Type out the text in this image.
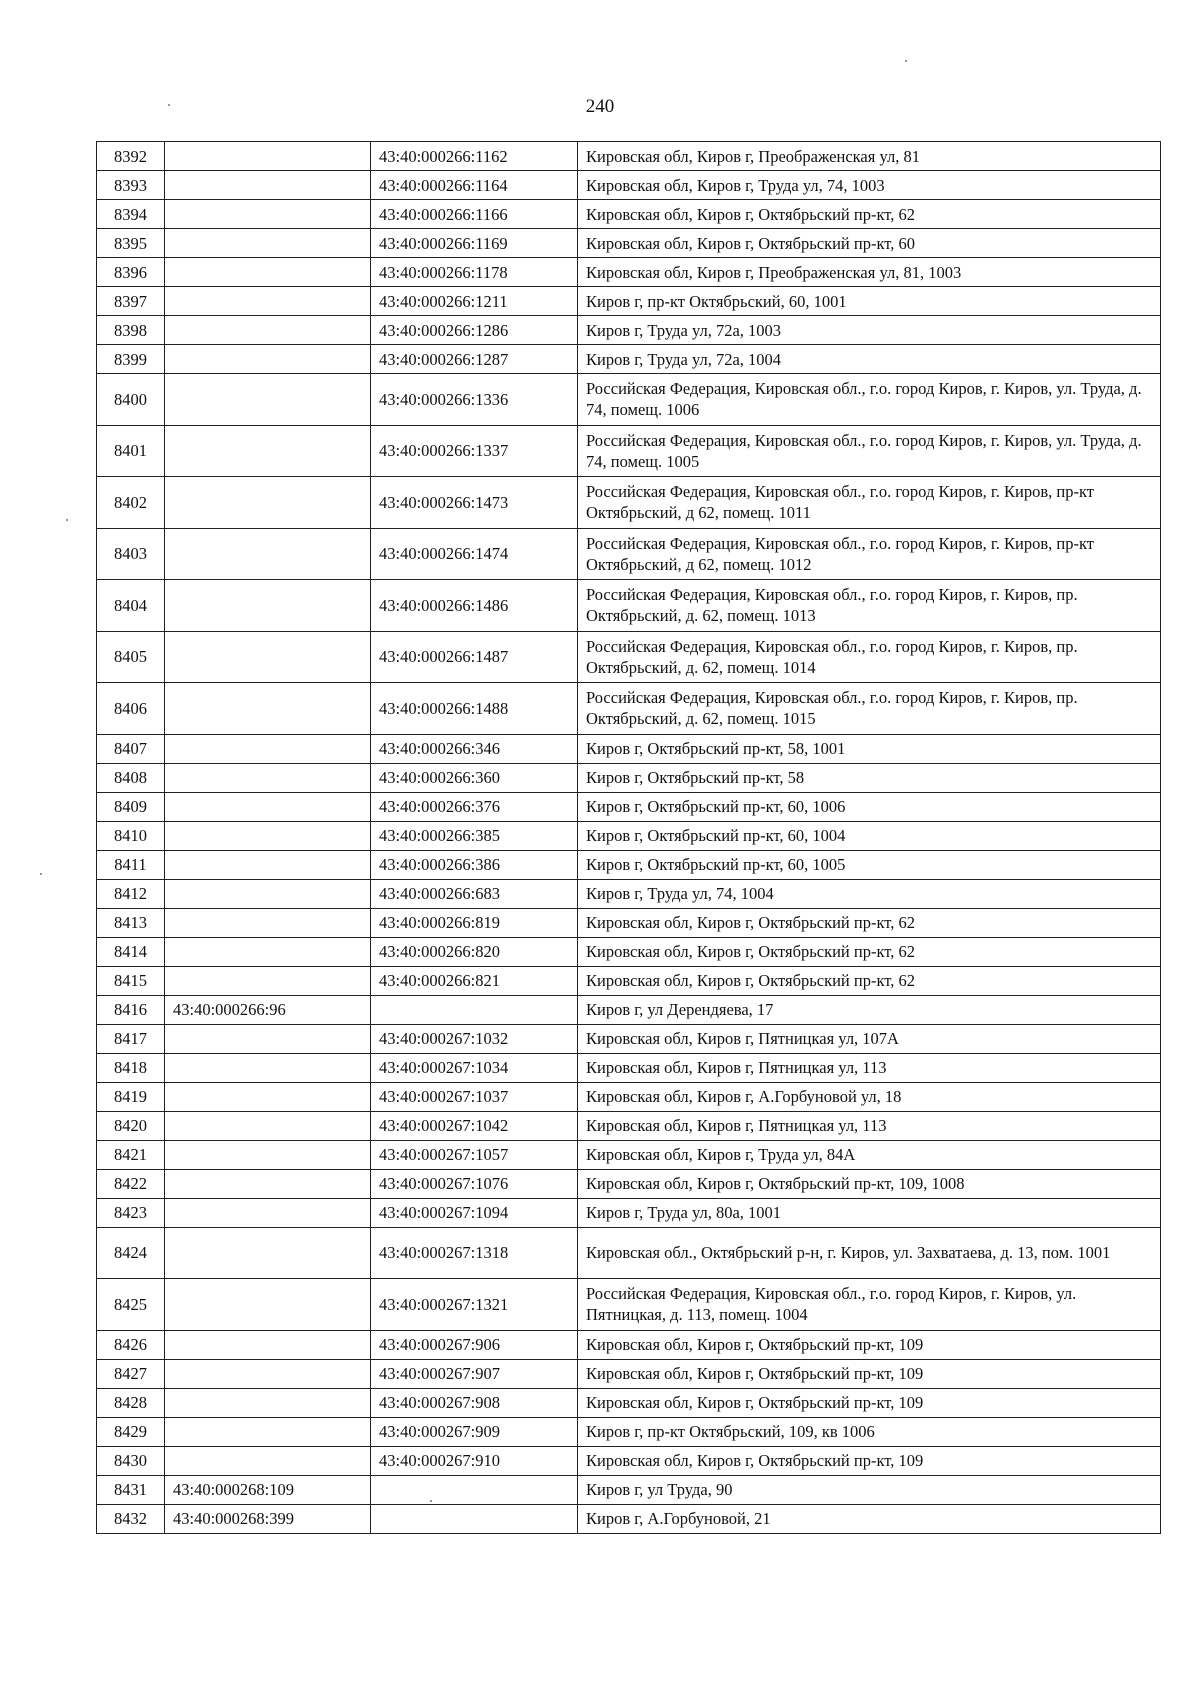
240
8392		43:40:000266:1162	Кировская обл, Киров г, Преображенская ул, 81
8393		43:40:000266:1164	Кировская обл, Киров г, Труда ул, 74, 1003
8394		43:40:000266:1166	Кировская обл, Киров г, Октябрьский пр-кт, 62
8395		43:40:000266:1169	Кировская обл, Киров г, Октябрьский пр-кт, 60
8396		43:40:000266:1178	Кировская обл, Киров г, Преображенская ул, 81, 1003
8397		43:40:000266:1211	Киров г, пр-кт Октябрьский, 60, 1001
8398		43:40:000266:1286	Киров г, Труда ул, 72а, 1003
8399		43:40:000266:1287	Киров г, Труда ул, 72а, 1004
8400		43:40:000266:1336	Российская Федерация, Кировская обл., г.о. город Киров, г. Киров, ул. Труда, д. 74, помещ. 1006
8401		43:40:000266:1337	Российская Федерация, Кировская обл., г.о. город Киров, г. Киров, ул. Труда, д. 74, помещ. 1005
8402		43:40:000266:1473	Российская Федерация, Кировская обл., г.о. город Киров, г. Киров, пр-кт Октябрьский, д 62, помещ. 1011
8403		43:40:000266:1474	Российская Федерация, Кировская обл., г.о. город Киров, г. Киров, пр-кт Октябрьский, д 62, помещ. 1012
8404		43:40:000266:1486	Российская Федерация, Кировская обл., г.о. город Киров, г. Киров, пр. Октябрьский, д. 62, помещ. 1013
8405		43:40:000266:1487	Российская Федерация, Кировская обл., г.о. город Киров, г. Киров, пр. Октябрьский, д. 62, помещ. 1014
8406		43:40:000266:1488	Российская Федерация, Кировская обл., г.о. город Киров, г. Киров, пр. Октябрьский, д. 62, помещ. 1015
8407		43:40:000266:346	Киров г, Октябрьский пр-кт, 58, 1001
8408		43:40:000266:360	Киров г, Октябрьский пр-кт, 58
8409		43:40:000266:376	Киров г, Октябрьский пр-кт, 60, 1006
8410		43:40:000266:385	Киров г, Октябрьский пр-кт, 60, 1004
8411		43:40:000266:386	Киров г, Октябрьский пр-кт, 60, 1005
8412		43:40:000266:683	Киров г, Труда ул, 74, 1004
8413		43:40:000266:819	Кировская обл, Киров г, Октябрьский пр-кт, 62
8414		43:40:000266:820	Кировская обл, Киров г, Октябрьский пр-кт, 62
8415		43:40:000266:821	Кировская обл, Киров г, Октябрьский пр-кт, 62
8416	43:40:000266:96		Киров г, ул Дерендяева, 17
8417		43:40:000267:1032	Кировская обл, Киров г, Пятницкая ул, 107А
8418		43:40:000267:1034	Кировская обл, Киров г, Пятницкая ул, 113
8419		43:40:000267:1037	Кировская обл, Киров г, А.Горбуновой ул, 18
8420		43:40:000267:1042	Кировская обл, Киров г, Пятницкая ул, 113
8421		43:40:000267:1057	Кировская обл, Киров г, Труда ул, 84А
8422		43:40:000267:1076	Кировская обл, Киров г, Октябрьский пр-кт, 109, 1008
8423		43:40:000267:1094	Киров г, Труда ул, 80а, 1001
8424		43:40:000267:1318	Кировская обл., Октябрьский р-н, г. Киров, ул. Захватаева, д. 13, пом. 1001
8425		43:40:000267:1321	Российская Федерация, Кировская обл., г.о. город Киров, г. Киров, ул. Пятницкая, д. 113, помещ. 1004
8426		43:40:000267:906	Кировская обл, Киров г, Октябрьский пр-кт, 109
8427		43:40:000267:907	Кировская обл, Киров г, Октябрьский пр-кт, 109
8428		43:40:000267:908	Кировская обл, Киров г, Октябрьский пр-кт, 109
8429		43:40:000267:909	Киров г, пр-кт Октябрьский, 109, кв 1006
8430		43:40:000267:910	Кировская обл, Киров г, Октябрьский пр-кт, 109
8431	43:40:000268:109		Киров г, ул Труда, 90
8432	43:40:000268:399		Киров г, А.Горбуновой, 21
